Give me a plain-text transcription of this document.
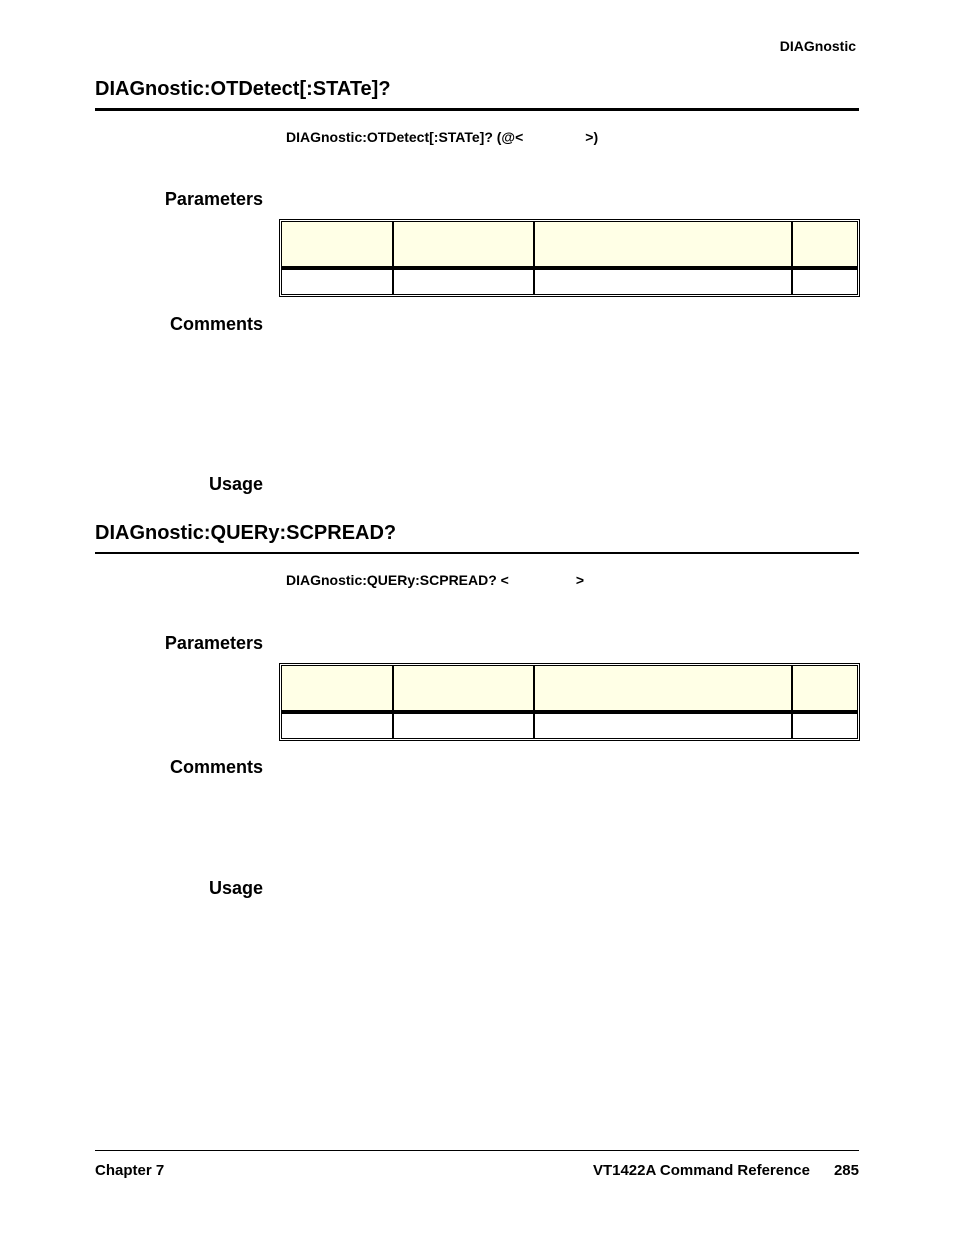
DIAGnostic
DIAGnostic:OTDetect[:STATe]?
DIAGnostic:OTDetect[:STATe]? (@<	>)
Parameters

Comments
Usage
DIAGnostic:QUERy:SCPREAD?
DIAGnostic:QUERy:SCPREAD? <	>
Parameters

Comments
Usage
Chapter 7	VT1422A Command Reference 285
